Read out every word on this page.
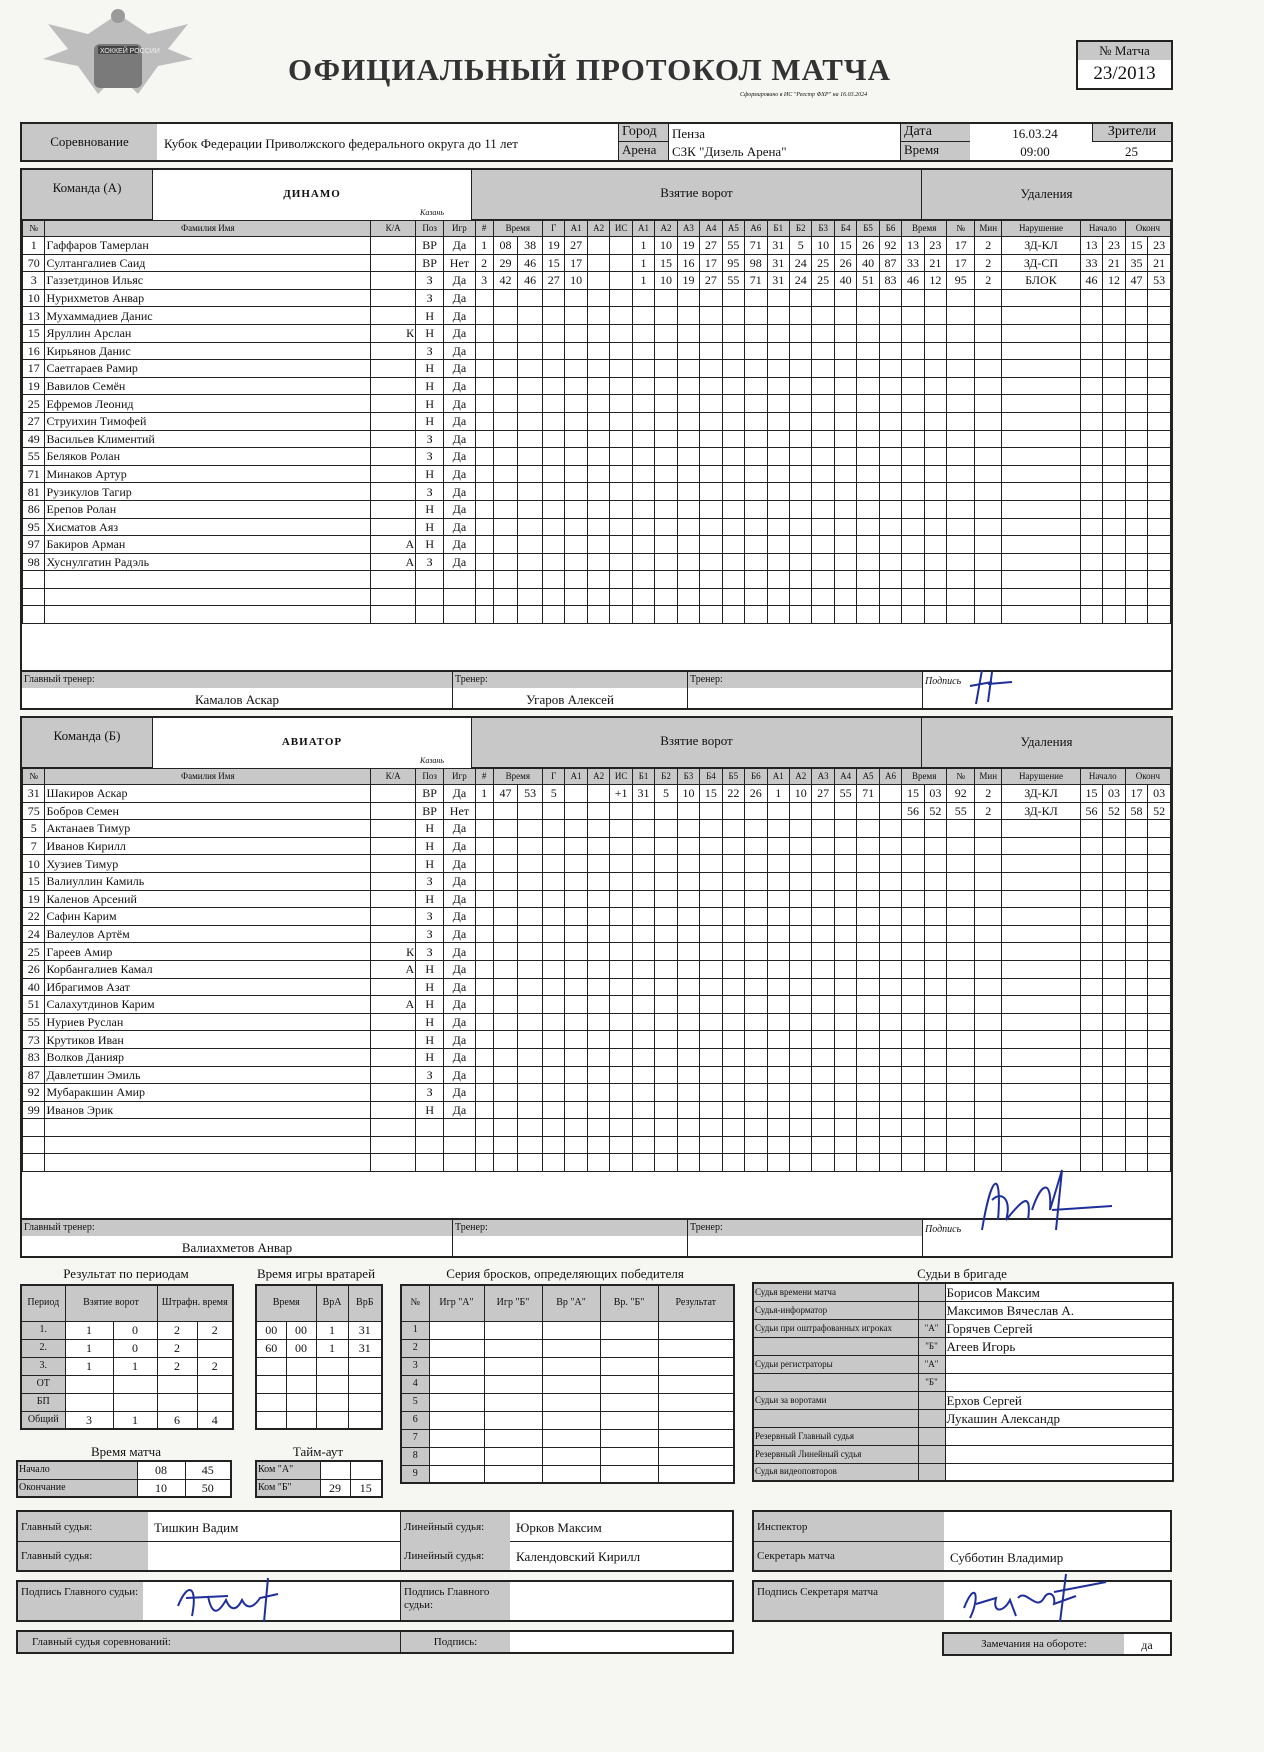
ХОККЕЙ РОССИИ
ОФИЦИАЛЬНЫЙ ПРОТОКОЛ МАТЧА
Сформировано в ИС "Реестр ФХР" на 16.03.2024
№ Матча
23/2013
Соревнование	Кубок Федерации Приволжского федерального округа до 11 лет
Город	Пенза
Арена	СЗК "Дизель Арена"
Дата	16.03.24
Время	09:00
Зрители
25
Команда (А)	ДИНАМО
Казань
Взятие ворот	Удаления
№	Фамилия Имя	К/А	Поз	Игр	#	Время		Г	А1	А2	ИС	А1	А2	А3	А4	А5	А6	Б1	Б2	Б3	Б4	Б5	Б6	Время		№	Мин	Нарушение	Начало		Оконч	
1	Гаффаров Тамерлан		ВР	Да	1	08	38	19	27			1	10	19	27	55	71	31	5	10	15	26	92	13	23	17	2	ЗД-КЛ	13	23	15	23
70	Султангалиев Саид		ВР	Нет	2	29	46	15	17			1	15	16	17	95	98	31	24	25	26	40	87	33	21	17	2	ЗД-СП	33	21	35	21
3	Газзетдинов Ильяс		З	Да	3	42	46	27	10			1	10	19	27	55	71	31	24	25	40	51	83	46	12	95	2	БЛОК	46	12	47	53
10	Нурихметов Анвар		З	Да																												
13	Мухаммадиев Данис		Н	Да																												
15	Яруллин Арслан	К	Н	Да																												
16	Кирьянов Данис		З	Да																												
17	Саетгараев Рамир		Н	Да																												
19	Вавилов Семён		Н	Да																												
25	Ефремов Леонид		Н	Да																												
27	Струихин Тимофей		Н	Да																												
49	Васильев Климентий		З	Да																												
55	Беляков Ролан		З	Да																												
71	Минаков Артур		Н	Да																												
81	Рузикулов Тагир		З	Да																												
86	Ерепов Ролан		Н	Да																												
95	Хисматов Аяз		Н	Да																												
97	Бакиров Арман	А	Н	Да																												
98	Хуснулгатин Радэль	А	З	Да																												

Главный тренер:
Камалов Аскар
Тренер:
Угаров Алексей
Тренер:	Подпись
Команда (Б)	АВИАТОР
Казань
Взятие ворот	Удаления
№	Фамилия Имя	К/А	Поз	Игр	#	Время		Г	А1	А2	ИС	Б1	Б2	Б3	Б4	Б5	Б6	А1	А2	А3	А4	А5	А6	Время		№	Мин	Нарушение	Начало		Оконч	
31	Шакиров Аскар		ВР	Да	1	47	53	5			+1	31	5	10	15	22	26	1	10	27	55	71		15	03	92	2	ЗД-КЛ	15	03	17	03
75	Бобров Семен		ВР	Нет																				56	52	55	2	ЗД-КЛ	56	52	58	52
5	Актанаев Тимур		Н	Да																												
7	Иванов Кирилл		Н	Да																												
10	Хузиев Тимур		Н	Да																												
15	Валиуллин Камиль		З	Да																												
19	Каленов Арсений		Н	Да																												
22	Сафин Карим		З	Да																												
24	Валеулов Артём		З	Да																												
25	Гареев Амир	К	З	Да																												
26	Корбангалиев Камал	А	Н	Да																												
40	Ибрагимов Азат		Н	Да																												
51	Салахутдинов Карим	А	Н	Да																												
55	Нуриев Руслан		Н	Да																												
73	Крутиков Иван		Н	Да																												
83	Волков Данияр		Н	Да																												
87	Давлетшин Эмиль		З	Да																												
92	Мубаракшин Амир		З	Да																												
99	Иванов Эрик		Н	Да																												

Главный тренер:
Валиахметов Анвар
Тренер:	Тренер:	Подпись
Результат по периодам
Период	Взятие ворот		Штрафн. время	
1.	1	0	2	2
2.	1	0	2	
3.	1	1	2	2
ОТ				
БП				
Общий	3	1	6	4
Время игры вратарей
Время		ВрА	ВрБ
00	00	1	31
60	00	1	31

Время матча
Начало	08	45
Окончание	10	50
Тайм-аут
Ком "А"		
Ком "Б"	29	15
Серия бросков, определяющих победителя
№	Игр "А"	Игр "Б"	Вр "А"	Вр. "Б"	Результат
1					
2					
3					
4					
5					
6					
7					
8					
9					
Судьи в бригаде
Судья времени матча		Борисов Максим
Судья-информатор		Максимов Вячеслав А.
Судьи при оштрафованных игроках	"А"	Горячев Сергей
	"Б"	Агеев Игорь
Судьи регистраторы	"А"	
	"Б"	
Судьи за воротами		Ерхов Сергей
		Лукашин Александр
Резервный Главный судья		
Резервный Линейный судья		
Судья видеоповторов		
Главный судья:	Тишкин Вадим
Главный судья:
Линейный судья:	Юрков Максим
Линейный судья:	Календовский Кирилл
Инспектор
Секретарь матча	Субботин Владимир
Подпись Главного судьи:	Подпись Главного судьи:
Подпись Секретаря матча
Главный судья соревнований:	Подпись:	Замечания на обороте:	да
